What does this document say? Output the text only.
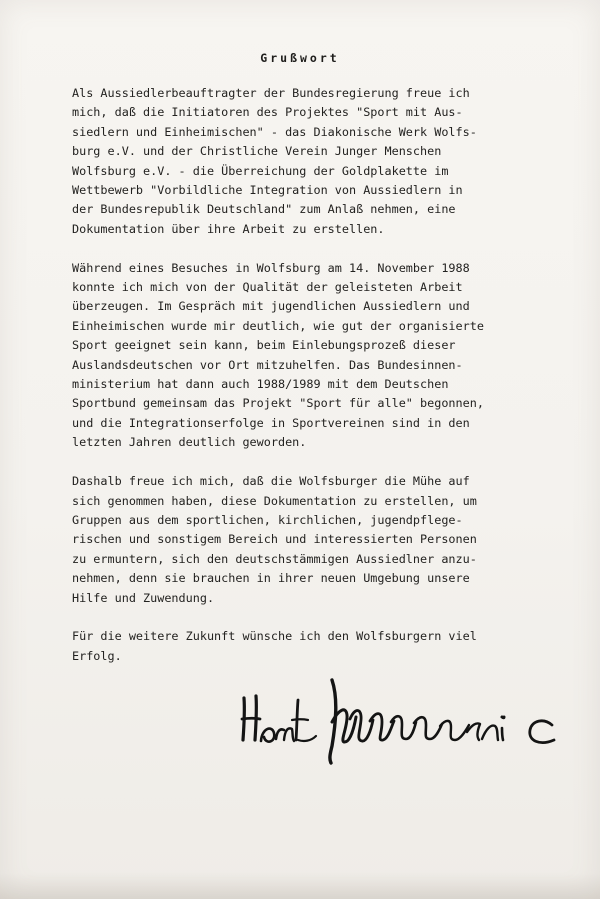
Grußwort

Als Aussiedlerbeauftragter der Bundesregierung freue ich
mich, daß die Initiatoren des Projektes "Sport mit Aus-
siedlern und Einheimischen" - das Diakonische Werk Wolfs-
burg e.V. und der Christliche Verein Junger Menschen
Wolfsburg e.V. - die Überreichung der Goldplakette im
Wettbewerb "Vorbildliche Integration von Aussiedlern in
der Bundesrepublik Deutschland" zum Anlaß nehmen, eine
Dokumentation über ihre Arbeit zu erstellen.

Während eines Besuches in Wolfsburg am 14. November 1988
konnte ich mich von der Qualität der geleisteten Arbeit
überzeugen. Im Gespräch mit jugendlichen Aussiedlern und
Einheimischen wurde mir deutlich, wie gut der organisierte
Sport geeignet sein kann, beim Einlebungsprozeß dieser
Auslandsdeutschen vor Ort mitzuhelfen. Das Bundesinnen-
ministerium hat dann auch 1988/1989 mit dem Deutschen
Sportbund gemeinsam das Projekt "Sport für alle" begonnen,
und die Integrationserfolge in Sportvereinen sind in den
letzten Jahren deutlich geworden.

Dashalb freue ich mich, daß die Wolfsburger die Mühe auf
sich genommen haben, diese Dokumentation zu erstellen, um
Gruppen aus dem sportlichen, kirchlichen, jugendpflege-
rischen und sonstigem Bereich und interessierten Personen
zu ermuntern, sich den deutschstämmigen Aussiedlner anzu-
nehmen, denn sie brauchen in ihrer neuen Umgebung unsere
Hilfe und Zuwendung.

Für die weitere Zukunft wünsche ich den Wolfsburgern viel
Erfolg.
